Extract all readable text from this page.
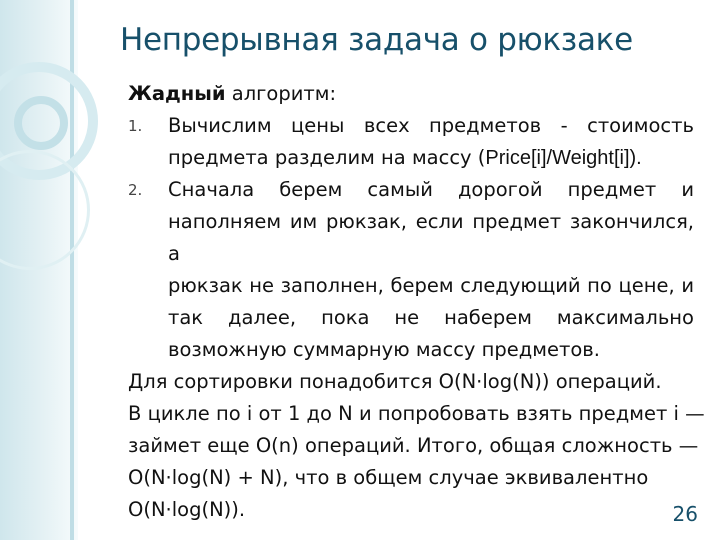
Непрерывная задача о рюкзаке
Жадный алгоритм:
1. Вычислим цены всех предметов - стоимость
предмета разделим на массу (Price[i]/Weight[i]).
2. Сначала берем самый дорогой предмет и
наполняем им рюкзак, если предмет закончился, а
рюкзак не заполнен, берем следующий по цене, и
так далее, пока не наберем максимально
возможную суммарную массу предметов.
Для сортировки понадобится O(N·log(N)) операций.
В цикле по i от 1 до N и попробовать взять предмет i —
займет еще O(n) операций. Итого, общая сложность —
O(N·log(N) + N), что в общем случае эквивалентно
O(N·log(N)).	26
